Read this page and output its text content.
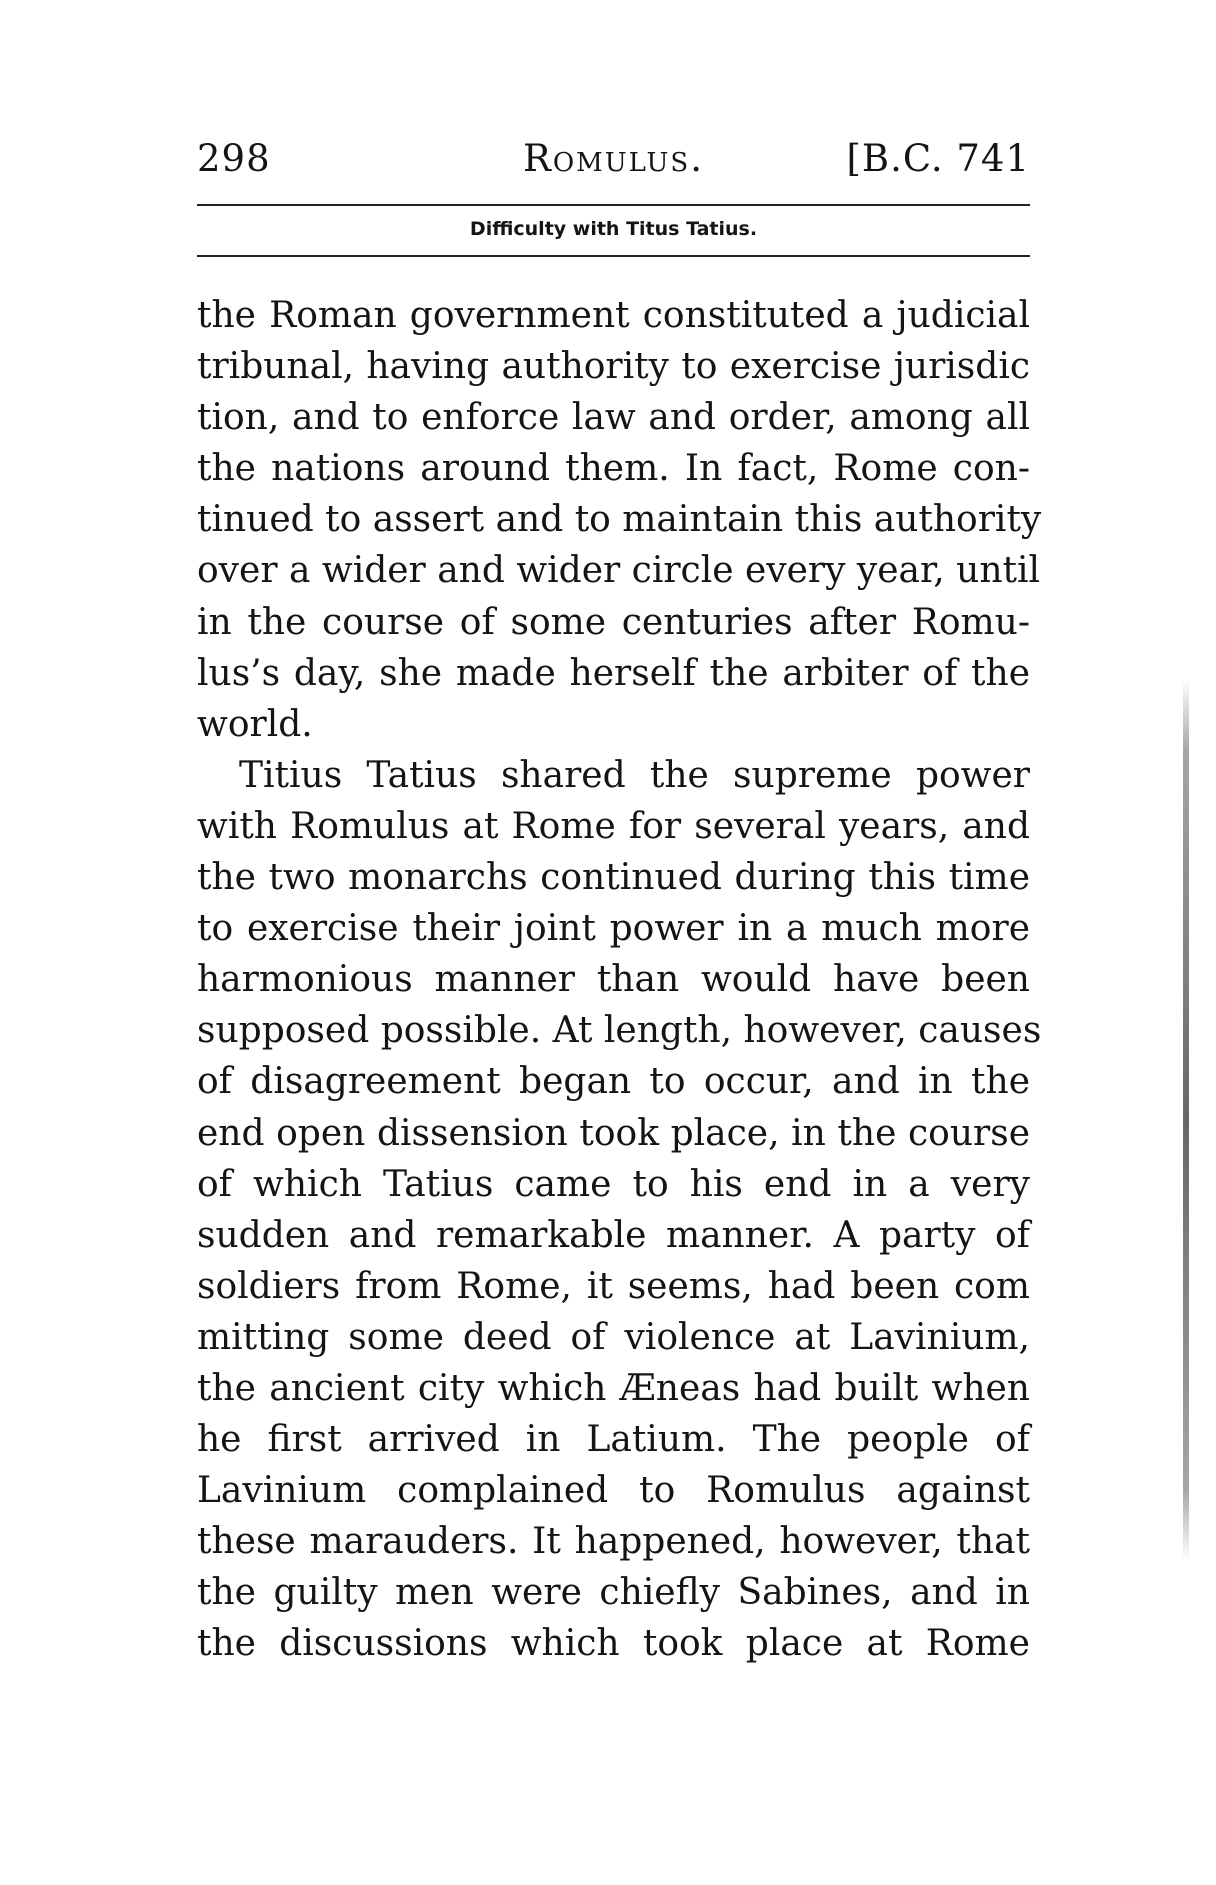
298	Romulus.	[B.C. 741
Difficulty with Titus Tatius.
the Roman government constituted a judicial
tribunal, having authority to exercise jurisdic
tion, and to enforce law and order, among all
the nations around them. In fact, Rome con-
tinued to assert and to maintain this authority
over a wider and wider circle every year, until
in the course of some centuries after Romu-
lus’s day, she made herself the arbiter of the
world.
Titius Tatius shared the supreme power
with Romulus at Rome for several years, and
the two monarchs continued during this time
to exercise their joint power in a much more
harmonious manner than would have been
supposed possible. At length, however, causes
of disagreement began to occur, and in the
end open dissension took place, in the course
of which Tatius came to his end in a very
sudden and remarkable manner. A party of
soldiers from Rome, it seems, had been com
mitting some deed of violence at Lavinium,
the ancient city which Æneas had built when
he first arrived in Latium. The people of
Lavinium complained to Romulus against
these marauders. It happened, however, that
the guilty men were chiefly Sabines, and in
the discussions which took place at Rome
